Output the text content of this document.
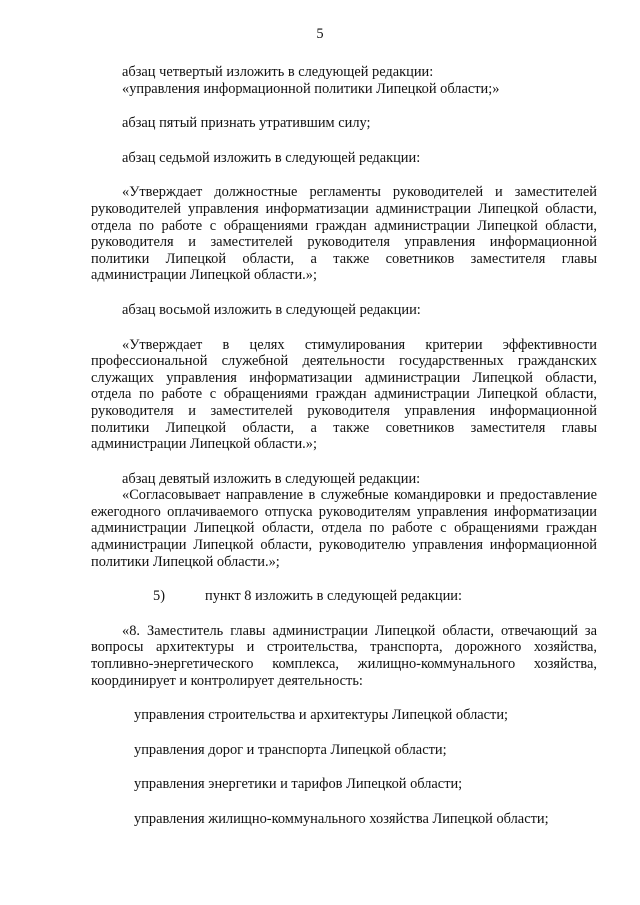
5

абзац четвертый изложить в следующей редакции:

«управления информационной политики Липецкой области;»

абзац пятый признать утратившим силу;

абзац седьмой изложить в следующей редакции:

«Утверждает должностные регламенты руководителей и заместителей руководителей управления информатизации администрации Липецкой области, отдела по работе с обращениями граждан администрации Липецкой области, руководителя и заместителей руководителя управления информационной политики Липецкой области, а также советников заместителя главы администрации Липецкой области.»;

абзац восьмой изложить в следующей редакции:

«Утверждает в целях стимулирования критерии эффективности профессиональной служебной деятельности государственных гражданских служащих управления информатизации администрации Липецкой области, отдела по работе с обращениями граждан администрации Липецкой области, руководителя и заместителей руководителя управления информационной политики Липецкой области, а также советников заместителя главы администрации Липецкой области.»;

абзац девятый изложить в следующей редакции:

«Согласовывает направление в служебные командировки и предоставление ежегодного оплачиваемого отпуска руководителям управления информатизации администрации Липецкой области, отдела по работе с обращениями граждан администрации Липецкой области, руководителю управления информационной политики Липецкой области.»;

5)	пункт 8 изложить в следующей редакции:

«8. Заместитель главы администрации Липецкой области, отвечающий за вопросы архитектуры и строительства, транспорта, дорожного хозяйства, топливно-энергетического комплекса, жилищно-коммунального хозяйства, координирует и контролирует деятельность:

управления строительства и архитектуры Липецкой области;

управления дорог и транспорта Липецкой области;

управления энергетики и тарифов Липецкой области;

управления жилищно-коммунального хозяйства Липецкой области;
